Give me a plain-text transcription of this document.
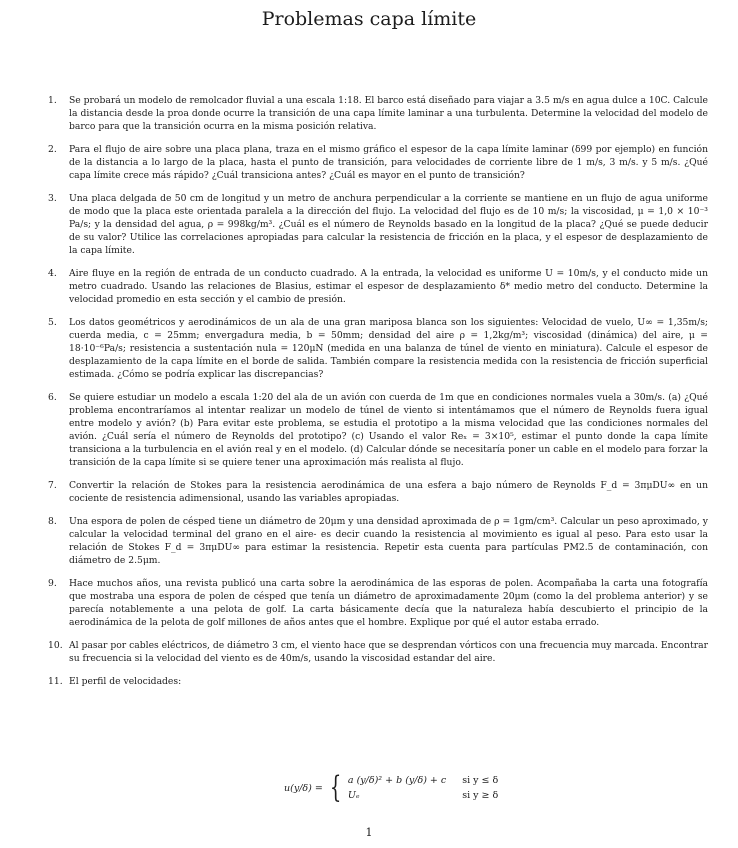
Problemas capa límite
1. Se probará un modelo de remolcador fluvial a una escala 1:18. El barco está diseñado para viajar a 3.5 m/s en agua dulce a 10C. Calcule la distancia desde la proa donde ocurre la transición de una capa límite laminar a una turbulenta. Determine la velocidad del modelo de barco para que la transición ocurra en la misma posición relativa.
2. Para el flujo de aire sobre una placa plana, traza en el mismo gráfico el espesor de la capa límite laminar (δ99 por ejemplo) en función de la distancia a lo largo de la placa, hasta el punto de transición, para velocidades de corriente libre de 1 m/s, 3 m/s. y 5 m/s. ¿Qué capa límite crece más rápido? ¿Cuál transiciona antes? ¿Cuál es mayor en el punto de transición?
3. Una placa delgada de 50 cm de longitud y un metro de anchura perpendicular a la corriente se mantiene en un flujo de agua uniforme de modo que la placa este orientada paralela a la dirección del flujo. La velocidad del flujo es de 10 m/s; la viscosidad, μ = 1,0 × 10⁻³ Pa/s; y la densidad del agua, ρ = 998kg/m³. ¿Cuál es el número de Reynolds basado en la longitud de la placa? ¿Qué se puede deducir de su valor? Utilice las correlaciones apropiadas para calcular la resistencia de fricción en la placa, y el espesor de desplazamiento de la capa límite.
4. Aire fluye en la región de entrada de un conducto cuadrado. A la entrada, la velocidad es uniforme U = 10m/s, y el conducto mide un metro cuadrado. Usando las relaciones de Blasius, estimar el espesor de desplazamiento δ* medio metro del conducto. Determine la velocidad promedio en esta sección y el cambio de presión.
5. Los datos geométricos y aerodinámicos de un ala de una gran mariposa blanca son los siguientes: Velocidad de vuelo, U∞ = 1,35m/s; cuerda media, c = 25mm; envergadura media, b = 50mm; densidad del aire ρ = 1,2kg/m³; viscosidad (dinámica) del aire, μ = 18·10⁻⁶Pa/s; resistencia a sustentación nula = 120μN (medida en una balanza de túnel de viento en miniatura). Calcule el espesor de desplazamiento de la capa límite en el borde de salida. También compare la resistencia medida con la resistencia de fricción superficial estimada. ¿Cómo se podría explicar las discrepancias?
6. Se quiere estudiar un modelo a escala 1:20 del ala de un avión con cuerda de 1m que en condiciones normales vuela a 30m/s. (a) ¿Qué problema encontraríamos al intentar realizar un modelo de túnel de viento si intentámamos que el número de Reynolds fuera igual entre modelo y avión? (b) Para evitar este problema, se estudia el prototipo a la misma velocidad que las condiciones normales del avión. ¿Cuál sería el número de Reynolds del prototipo? (c) Usando el valor Reₓ = 3×10⁵, estimar el punto donde la capa límite transiciona a la turbulencia en el avión real y en el modelo. (d) Calcular dónde se necesitaría poner un cable en el modelo para forzar la transición de la capa límite si se quiere tener una aproximación más realista al flujo.
7. Convertir la relación de Stokes para la resistencia aerodinámica de una esfera a bajo número de Reynolds F_d = 3πμDU∞ en un cociente de resistencia adimensional, usando las variables apropiadas.
8. Una espora de polen de césped tiene un diámetro de 20μm y una densidad aproximada de ρ = 1gm/cm³. Calcular un peso aproximado, y calcular la velocidad terminal del grano en el aire- es decir cuando la resistencia al movimiento es igual al peso. Para esto usar la relación de Stokes F_d = 3πμDU∞ para estimar la resistencia. Repetir esta cuenta para partículas PM2.5 de contaminación, con diámetro de 2.5μm.
9. Hace muchos años, una revista publicó una carta sobre la aerodinámica de las esporas de polen. Acompañaba la carta una fotografía que mostraba una espora de polen de césped que tenía un diámetro de aproximadamente 20μm (como la del problema anterior) y se parecía notablemente a una pelota de golf. La carta básicamente decía que la naturaleza había descubierto el principio de la aerodinámica de la pelota de golf millones de años antes que el hombre. Explique por qué el autor estaba errado.
10. Al pasar por cables eléctricos, de diámetro 3 cm, el viento hace que se desprendan vórticos con una frecuencia muy marcada. Encontrar su frecuencia si la velocidad del viento es de 40m/s, usando la viscosidad estandar del aire.
11. El perfil de velocidades:
u(y/δ) = { a (y/δ)² + b (y/δ) + c si y ≤ δ
Uₑ	si y ≥ δ
1
